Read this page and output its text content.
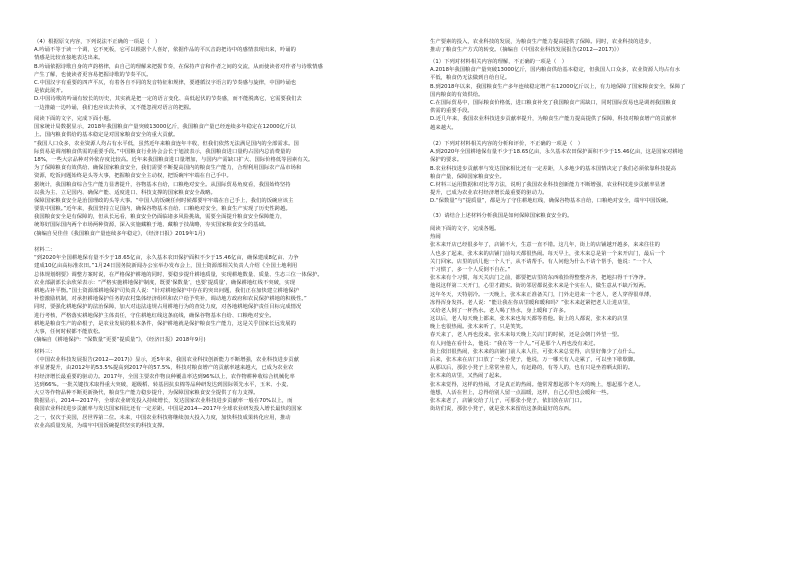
（4）根据原文内容，下列说法不正确的一项是（　）
A.吟诵不等于读一个调，它不死板，它可以根据个人喜好，依据作品的平仄音韵把诗中的感情表现出来，吟诵的
情感是比较直接地表达出来。
B.吟诵依据诗歌自身的声韵格律，由自己的理解来把握节奏，在保持声音和作者之间的交流，从而使读者对作者与诗歌情感
产生了解，也使读者更容易把握诗歌的节奏平仄。
C.中国汉字有重要的四声平仄，有着各自不同的发音特征和规律，要遵循汉字语言的节奏感与旋律，中国吟诵也
是依此展开。
D.中国诗歌的吟诵有较长的历史，其实就是把一定的语言变化、高低起伏的节奏感，而不能脱离它，它需要我们去
一边推敲一边吟诵，我们也应该去传承，又不能忽视对语言的把握。
阅读下面的文字，完成下面小题。
国家统计局数据显示，2018年我国粮食产量突破13000亿斤，我国粮食产量已经连续多年稳定在12000亿斤以
上。国内粮食供给的基本稳定是对国家粮食安全的重大贡献。
“我国人口众多，农业资源人均占有水平低，虽然近年来粮食连年丰收，但我们依然无法满足国内的全部需求。国
际贸易是调剂粮食供需的重要手段。”中国粮食行业协会会长于旭波表示，我国粮食进口量约占国内总消费量的
18%，一些大宗品种对外依存度比较高。近年来我国粮食进口量增加，与国内产需缺口扩大、国际价格低等因素有关。
为了保障粮食有效供给、确保国家粮食安全，我们需要不断提高国内的粮食生产能力，合理利用国际农产品市场和
资源，吃饭问题始终是头等大事，把握粮食安全主动权，把饭碗牢牢端在自己手中。
据统计，我国粮食综合生产能力显著提升，谷物基本自给，口粮绝对安全。从国际贸易角度看，我国始终坚持
以我为主、立足国内、确保产能、适度进口、科技支撑的国家粮食安全战略。
保障国家粮食安全是治国理政的头等大事。“中国人的饭碗任何时候都要牢牢端在自己手上，我们的饭碗应该主
要装中国粮。”近年来，我国坚持立足国内，确保谷物基本自给、口粮绝对安全，粮食生产实现了历史性跨越。
我国粮食安全是有保障的，但从长远看，粮食安全仍面临诸多风险挑战，需要全面提升粮食安全保障能力，
统筹好国际国内两个市场两种资源，深入实施藏粮于地、藏粮于技战略，夯实国家粮食安全的基础。
(摘编自吴佳佳《我国粮食产量连续多年稳定》，《经济日报》2019年1月)
材料二：
“到2020年全国耕地保有量不少于18.65亿亩，永久基本农田保护面积不少于15.46亿亩，确保建成8亿亩、力争
建成10亿亩高标准农田。”1月24日国务院新闻办公室举办发布会上，国土资源部相关负责人介绍《全国土地利用
总体规划纲要》调整方案时说，在严格保护耕地的同时，要稳步提升耕地质量，实现耕地数量、质量、生态三位一体保护。
农业部副部长余欣荣表示：“严格实施耕地保护制度，既要‘保数量’，也要‘提质量’，确保耕地红线不突破，实现
耕地占补平衡。”国土资源部耕地保护司负责人说：“针对耕地保护中存在的突出问题，我们正在加快建立耕地保护
补偿激励机制，对承担耕地保护任务的农村集体经济组织和农户给予奖补，调动地方政府和农民保护耕地的积极性。”
同时，要强化耕地保护的法治保障，加大对违法违规占用耕地行为的查处力度，对各地耕地保护责任目标完成情况
进行考核，严格落实耕地保护主体责任，守住耕地红线这条底线，确保谷物基本自给、口粮绝对安全。
耕地是粮食生产的命根子，是农业发展的根本条件，保护耕地就是保护粮食生产能力，这是关乎国家长远发展的
大事，任何时候都不能放松。
(摘编自《耕地保护：“保数量”更要“提质量”》，《经济日报》2018年9月)
材料三：
《中国农业科技发展报告(2012—2017)》显示，近5年来，我国农业科技创新能力不断增强，农业科技进步贡献
率显著提升，由2012年的53.5%提高到2017年的57.5%，科技对粮食增产的贡献率越来越大，已成为农业农
村经济增长最重要的驱动力。2017年，全国主要农作物良种覆盖率达到96%以上，农作物耕种收综合机械化率
达到66%。一批关键技术取得重大突破，超级稻、转基因抗虫棉等品种研发达到国际领先水平，玉米、小麦、
大豆等作物品种不断更新换代，粮食生产能力稳步提升，为保障国家粮食安全提供了有力支撑。
数据显示，2014—2017年，全球农业研发投入持续增长，发达国家农业科技进步贡献率一般在70%以上，而
我国农业科技进步贡献率与发达国家相比还有一定差距。中国是2014—2017年全球农业研发投入增长最快的国家
之一，仅次于美国，居世界第二位。未来，中国农业科技将继续加大投入力度，加快科技成果转化应用，推动
农业高质量发展，为端牢中国饭碗提供坚实的科技支撑。
生产要素的投入，农业科技的发展，为粮食生产能力提高提供了保障。同时，农业科技的进步，
推动了粮食生产方式的转变。（摘编自《中国农业科技发展报告(2012—2017)》）
（1）下列对材料相关内容的理解，不正确的一项是（　）
A.2018年我国粮食产量突破13000亿斤，国内粮食供给基本稳定，但我国人口众多，农业资源人均占有水
平低，粮食仍无法做到自给自足。
B.到2018年以来，我国粮食生产多年连续稳定增产在12000亿斤以上，有力地保障了国家粮食安全，保障了
国内粮食的有效供给。
C.在国际贸易中，国际粮食价格低，进口粮食补充了我国粮食产需缺口，同时国际贸易也是调剂我国粮食
供需的重要手段。
D.近几年来，我国农业科技进步贡献率提升，为粮食生产能力提高提供了保障，科技对粮食增产的贡献率
越来越大。
（2）下列对材料相关内容的分析和评价，不正确的一项是（　）
A.到2020年全国耕地保有量不少于18.65亿亩，永久基本农田保护面积不少于15.46亿亩，这是国家对耕地
保护的要求。
B.农业科技进步贡献率与发达国家相比还有一定差距，人多地少的基本国情决定了我们必须依靠科技提高
粮食产量，保障国家粮食安全。
C.材料三运用数据和对比等方法，说明了我国农业科技创新能力不断增强，农业科技进步贡献率显著
提升，已成为农业农村经济增长最重要的驱动力。
D.“保数量”与“提质量”，都是为了守住耕地红线，确保谷物基本自给，口粮绝对安全，端牢中国饭碗。
（3）请结合上述材料分析我国是如何保障国家粮食安全的。
阅读下面的文字，完成各题。
热闹
张木来开店已经很多年了，店铺不大，生意一直不错。这几年，街上的店铺越开越多，来来往往的
人也多了起来，张木来的店铺门前每天都很热闹。每天早上，张木来总是第一个来开店门，最后一个
关门回家。店里的活儿他一个人干，从不请帮手。有人问他为什么不请个帮手，他说：“一个人
干习惯了，多一个人反倒不自在。”
张木来有个习惯，每天关店门之前，都要把店里的东西收拾得整整齐齐，把地扫得干干净净。
他说这样第二天开门，心里才踏实。街坊邻居都说张木来是个实在人，做生意从不缺斤短两。
这年冬天，天特别冷。一天晚上，张木来正准备关门，门外走进来一个老人，老人穿得很单薄，
冻得浑身发抖。老人说：“能让我在你店里暖和暖和吗？”张木来赶紧把老人让进店里，
又给老人倒了一杯热水。老人喝了热水，身上暖和了许多。
这以后，老人每天晚上都来，张木来也每天都等着他。街上的人都说，张木来的店里
晚上也很热闹。张木来听了，只是笑笑。
春天来了，老人再也没来。张木来每天晚上关店门的时候，还是会朝门外望一望。
有人问他在看什么，他说：“我在等一个人。”可是那个人再也没有来过。
街上依旧很热闹，张木来的店铺门前人来人往，可张木来总觉得，店里好像少了点什么。
后来，张木来在店门口放了一张小凳子，他说，万一哪天有人走累了，可以坐下歇歇脚。
从那以后，那张小凳子上常常坐着人，有赶路的，有等人的，也有只是坐着晒太阳的。
张木来的店里，又热闹了起来。
张木来觉得，这样的热闹，才是真正的热闹。他常常想起那个冬天的晚上，想起那个老人。
他想，人活在世上，总得给别人留一点温暖，这样，自己心里也会暖和一些。
张木来老了，店铺交给了儿子，可那张小凳子，依旧放在店门口。
街坊们说，那张小凳子，就是张木来留给这条街最好的东西。
